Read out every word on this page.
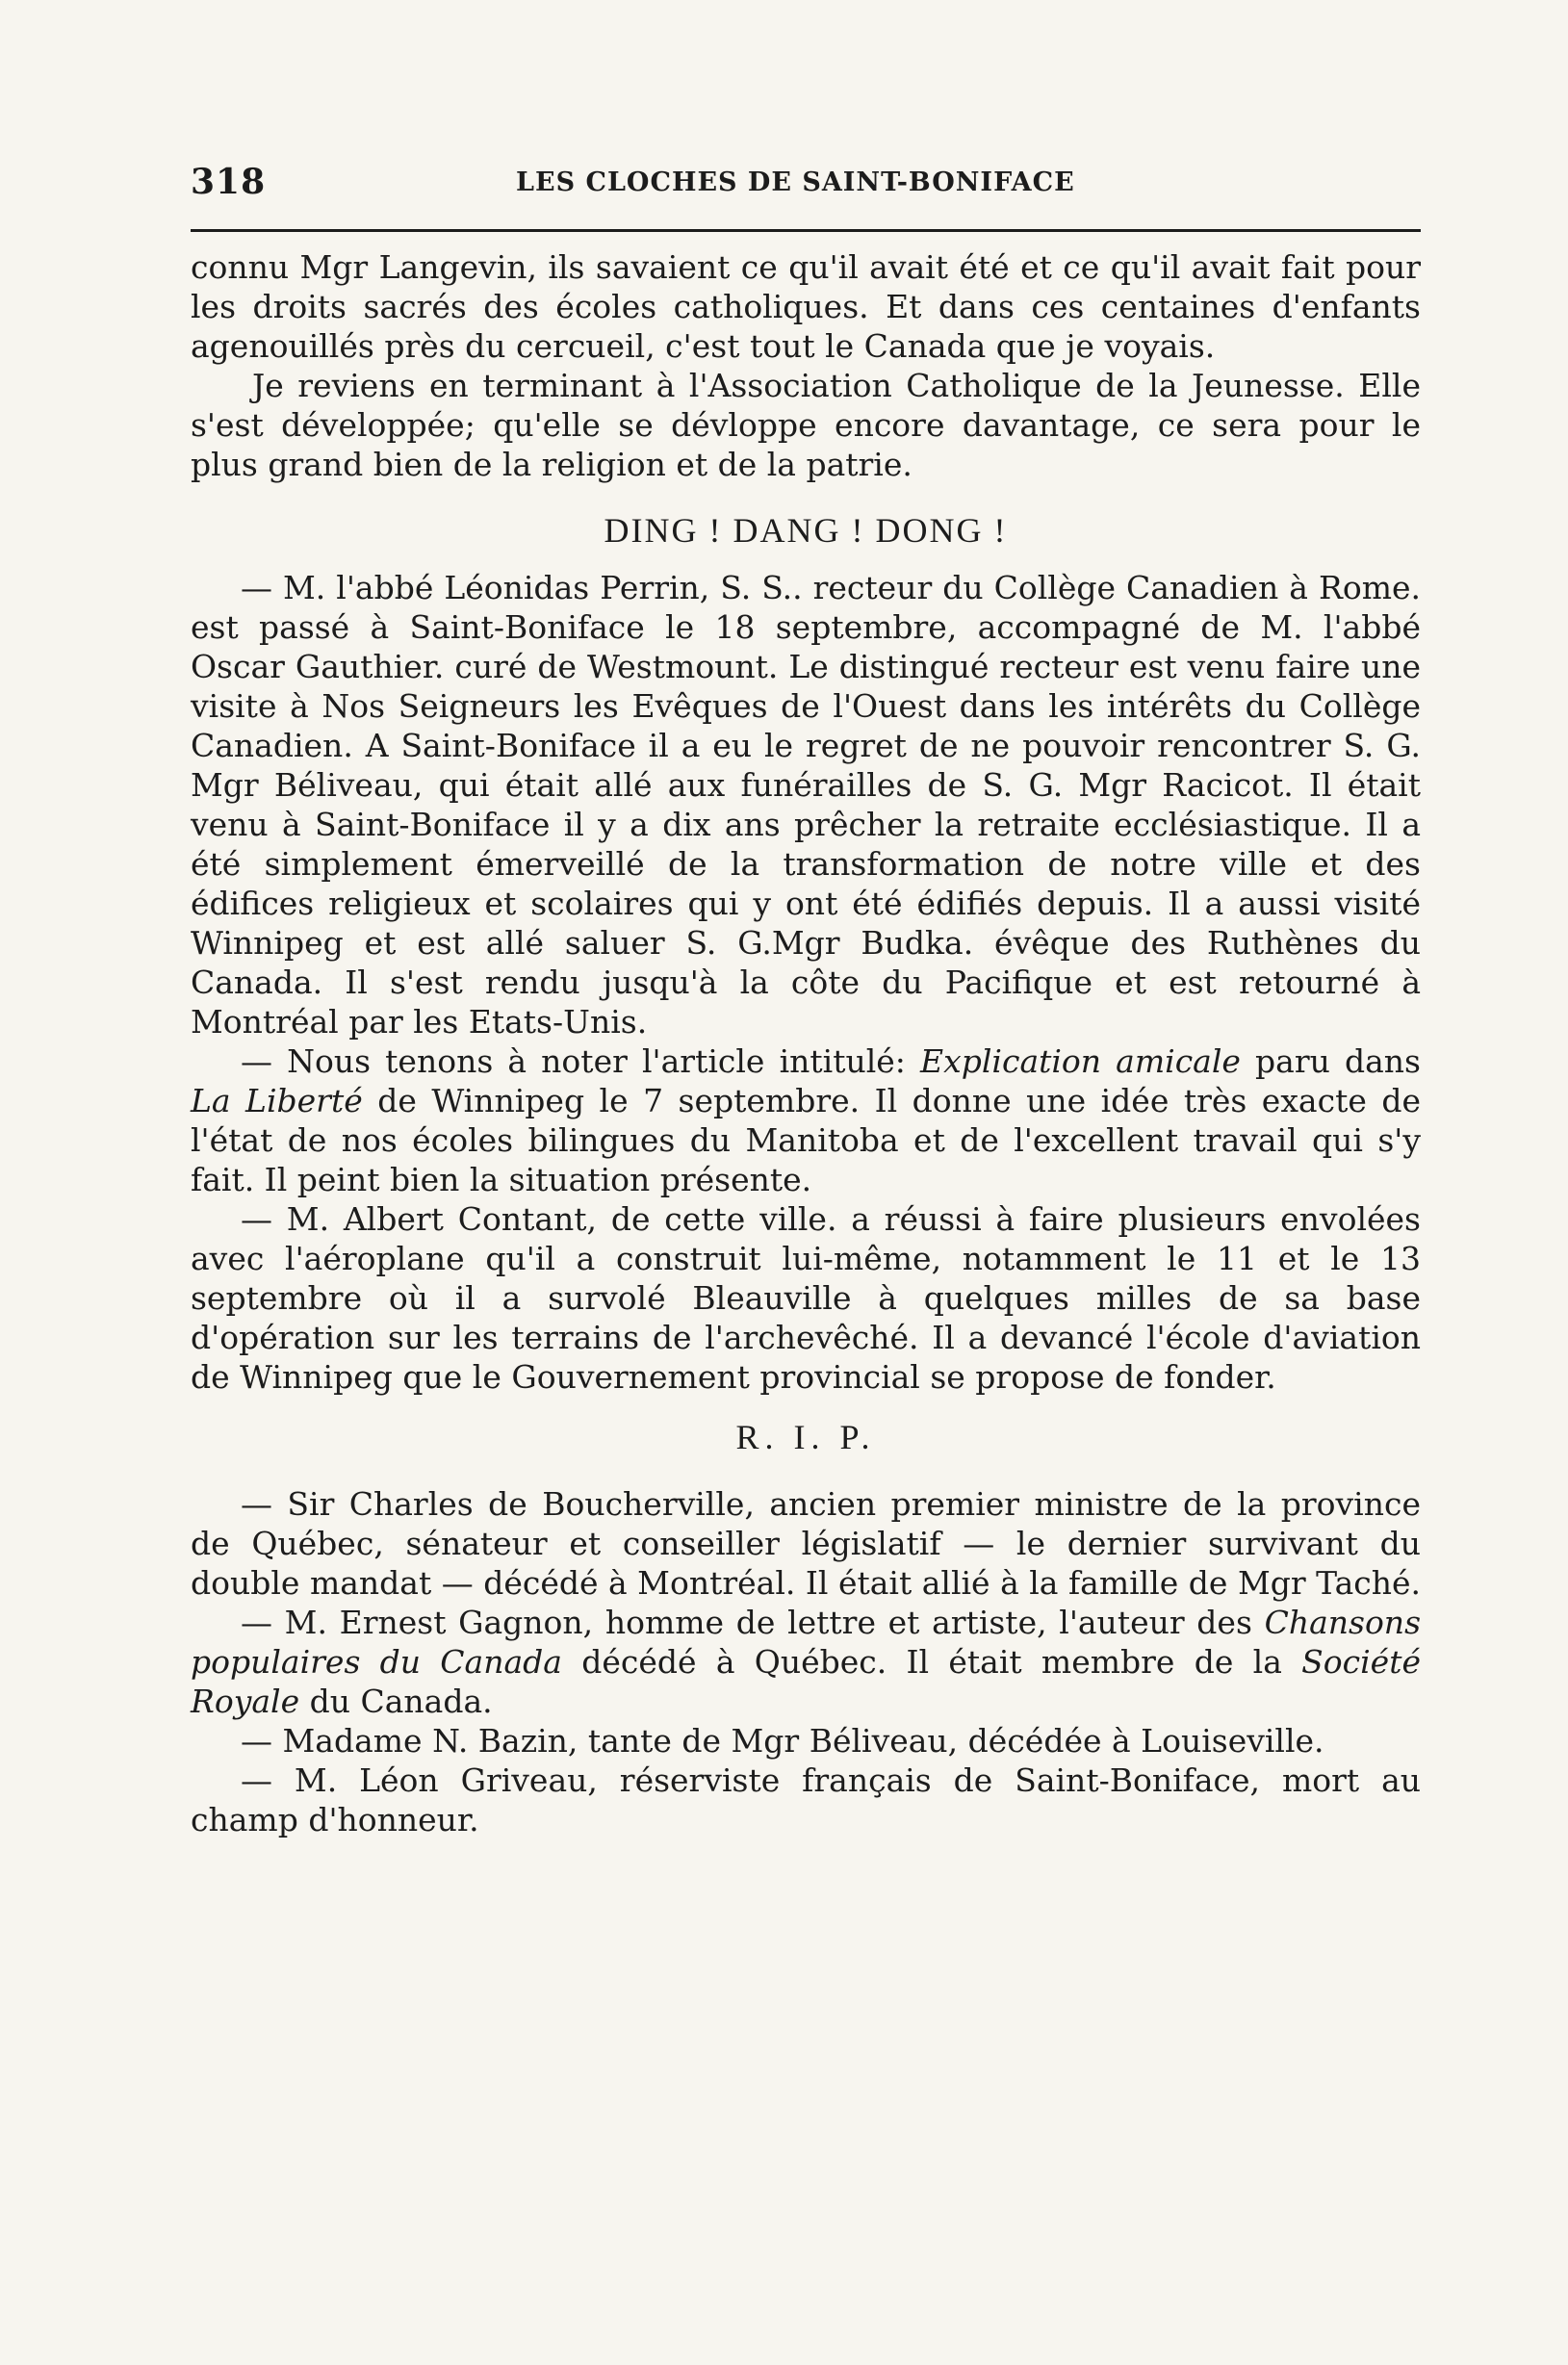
318	LES CLOCHES DE SAINT-BONIFACE

connu Mgr Langevin, ils savaient ce qu'il avait été et ce qu'il avait fait pour les droits sacrés des écoles catholiques. Et dans ces centaines d'enfants agenouillés près du cercueil, c'est tout le Canada que je voyais.

Je reviens en terminant à l'Association Catholique de la Jeunesse. Elle s'est développée; qu'elle se dévloppe encore davantage, ce sera pour le plus grand bien de la religion et de la patrie.

DING ! DANG ! DONG !

— M. l'abbé Léonidas Perrin, S. S.. recteur du Collège Canadien à Rome. est passé à Saint-Boniface le 18 septembre, accompagné de M. l'abbé Oscar Gauthier. curé de Westmount. Le distingué recteur est venu faire une visite à Nos Seigneurs les Evêques de l'Ouest dans les intérêts du Collège Canadien. A Saint-Boniface il a eu le regret de ne pouvoir rencontrer S. G. Mgr Béliveau, qui était allé aux funérailles de S. G. Mgr Racicot. Il était venu à Saint-Boniface il y a dix ans prêcher la retraite ecclésiastique. Il a été simplement émerveillé de la transformation de notre ville et des édifices religieux et scolaires qui y ont été édifiés depuis. Il a aussi visité Winnipeg et est allé saluer S. G.Mgr Budka. évêque des Ruthènes du Canada. Il s'est rendu jusqu'à la côte du Pacifique et est retourné à Montréal par les Etats-Unis.

— Nous tenons à noter l'article intitulé: Explication amicale paru dans La Liberté de Winnipeg le 7 septembre. Il donne une idée très exacte de l'état de nos écoles bilingues du Manitoba et de l'excellent travail qui s'y fait. Il peint bien la situation présente.

— M. Albert Contant, de cette ville. a réussi à faire plusieurs envolées avec l'aéroplane qu'il a construit lui-même, notamment le 11 et le 13 septembre où il a survolé Bleauville à quelques milles de sa base d'opération sur les terrains de l'archevêché. Il a devancé l'école d'aviation de Winnipeg que le Gouvernement provincial se propose de fonder.

R. I. P.

— Sir Charles de Boucherville, ancien premier ministre de la province de Québec, sénateur et conseiller législatif — le dernier survivant du double mandat — décédé à Montréal. Il était allié à la famille de Mgr Taché.

— M. Ernest Gagnon, homme de lettre et artiste, l'auteur des Chansons populaires du Canada décédé à Québec. Il était membre de la Société Royale du Canada.

— Madame N. Bazin, tante de Mgr Béliveau, décédée à Louiseville.

— M. Léon Griveau, réserviste français de Saint-Boniface, mort au champ d'honneur.
